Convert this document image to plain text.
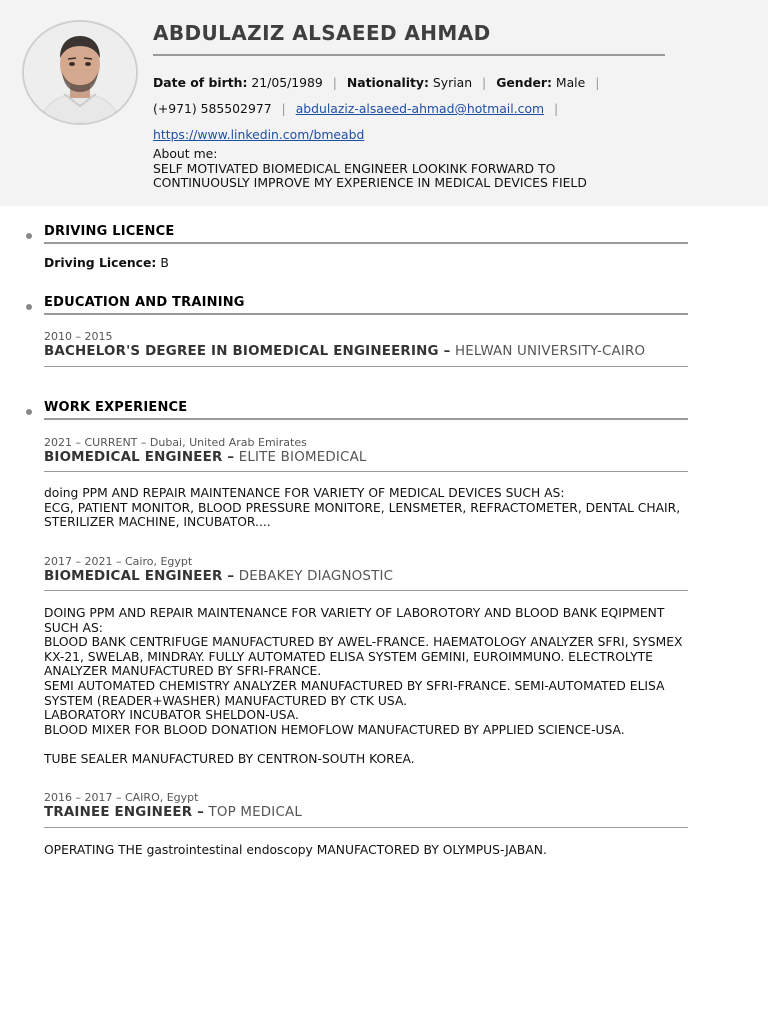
ABDULAZIZ ALSAEED AHMAD
Date of birth: 21/05/1989 | Nationality: Syrian | Gender: Male |
(+971) 585502977 | abdulaziz-alsaeed-ahmad@hotmail.com |
https://www.linkedin.com/bmeabd

About me:

SELF MOTIVATED BIOMEDICAL ENGINEER LOOKINK FORWARD TO

CONTINUOUSLY IMPROVE MY EXPERIENCE IN MEDICAL DEVICES FIELD

DRIVING LICENCE
Driving Licence: B
EDUCATION AND TRAINING
2010 – 2015
BACHELOR'S DEGREE IN BIOMEDICAL ENGINEERING – HELWAN UNIVERSITY-CAIRO
WORK EXPERIENCE
2021 – CURRENT – Dubai, United Arab Emirates
BIOMEDICAL ENGINEER – ELITE BIOMEDICAL

doing PPM AND REPAIR MAINTENANCE FOR VARIETY OF MEDICAL DEVICES SUCH AS:

ECG, PATIENT MONITOR, BLOOD PRESSURE MONITORE, LENSMETER, REFRACTOMETER, DENTAL CHAIR,

STERILIZER MACHINE, INCUBATOR....

2017 – 2021 – Cairo, Egypt
BIOMEDICAL ENGINEER – DEBAKEY DIAGNOSTIC

DOING PPM AND REPAIR MAINTENANCE FOR VARIETY OF LABOROTORY AND BLOOD BANK EQIPMENT

SUCH AS:

BLOOD BANK CENTRIFUGE MANUFACTURED BY AWEL-FRANCE. HAEMATOLOGY ANALYZER SFRI, SYSMEX

KX-21, SWELAB, MINDRAY. FULLY AUTOMATED ELISA SYSTEM GEMINI, EUROIMMUNO. ELECTROLYTE

ANALYZER MANUFACTURED BY SFRI-FRANCE.

SEMI AUTOMATED CHEMISTRY ANALYZER MANUFACTURED BY SFRI-FRANCE. SEMI-AUTOMATED ELISA

SYSTEM (READER+WASHER) MANUFACTURED BY CTK USA.

LABORATORY INCUBATOR SHELDON-USA.

BLOOD MIXER FOR BLOOD DONATION HEMOFLOW MANUFACTURED BY APPLIED SCIENCE-USA.

TUBE SEALER MANUFACTURED BY CENTRON-SOUTH KOREA.

2016 – 2017 – CAIRO, Egypt
TRAINEE ENGINEER – TOP MEDICAL

OPERATING THE gastrointestinal endoscopy MANUFACTORED BY OLYMPUS-JABAN.
